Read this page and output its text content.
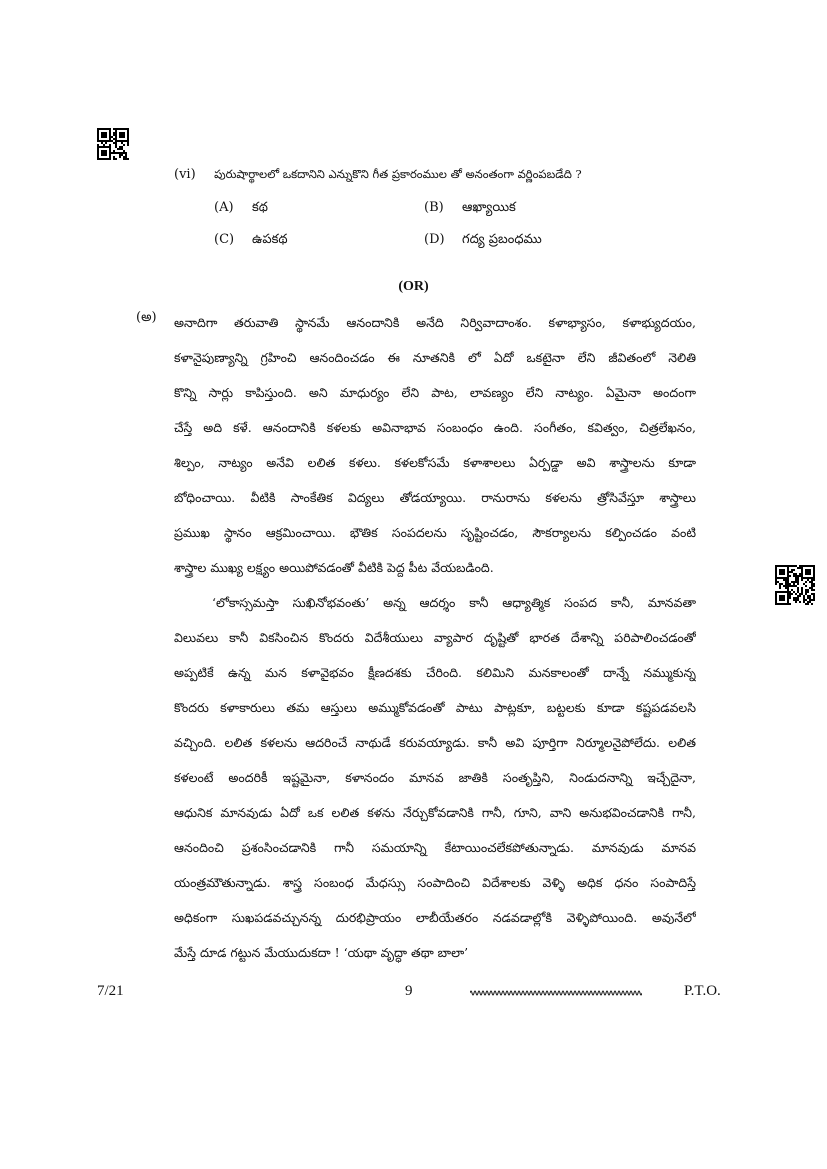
(vi) పురుషార్థాలలో ఒకదానిని ఎన్నుకొని గీత ప్రకారంముల తో అనంతంగా వర్ణింపబడేది ?
(A) కథ	(B) ఆఖ్యాయిక
(C) ఉపకథ	(D) గద్య ప్రబంధము
(OR)
(అ) అనాదిగా తరువాతి స్థానమే ఆనందానికి అనేది నిర్వివాదాంశం. కళాభ్యాసం, కళాభ్యుదయం,
కళానైపుణ్యాన్ని గ్రహించి ఆనందించడం ఈ నూతనికి లో ఏదో ఒకటైనా లేని జీవితంలో నెలితి
కొన్ని సార్లు కాపిస్తుంది. అని మాధుర్యం లేని పాట, లావణ్యం లేని నాట్యం. ఏమైనా అందంగా
చేస్తే అది కళే. ఆనందానికి కళలకు అవినాభావ సంబంధం ఉంది. సంగీతం, కవిత్వం, చిత్రలేఖనం,
శిల్పం, నాట్యం అనేవి లలిత కళలు. కళలకోసమే కళాశాలలు ఏర్పడ్డా అవి శాస్త్రాలను కూడా
బోధించాయి. వీటికి సాంకేతిక విద్యలు తోడయ్యాయి. రానురాను కళలను త్రోసివేస్తూ శాస్త్రాలు
ప్రముఖ స్థానం ఆక్రమించాయి. భౌతిక సంపదలను సృష్టించడం, సౌకర్యాలను కల్పించడం వంటి
శాస్త్రాల ముఖ్య లక్ష్యం అయిపోవడంతో వీటికి పెద్ద పీట వేయబడింది.
‘లోకాస్సమస్తా సుఖినోభవంతు’ అన్న ఆదర్శం కానీ ఆధ్యాత్మిక సంపద కానీ, మానవతా
విలువలు కానీ వికసించిన కొందరు విదేశీయులు వ్యాపార దృష్టితో భారత దేశాన్ని పరిపాలించడంతో
అప్పటికే ఉన్న మన కళావైభవం క్షీణదశకు చేరింది. కలిమిని మనకాలంతో దాన్నే నమ్ముకున్న
కొందరు కళాకారులు తమ ఆస్తులు అమ్ముకోవడంతో పాటు పాట్లకూ, బట్టలకు కూడా కష్టపడవలసి
వచ్చింది. లలిత కళలను ఆదరించే నాథుడే కరువయ్యాడు. కానీ అవి పూర్తిగా నిర్మూలనైపోలేదు. లలిత
కళలంటే అందరికీ ఇష్టమైనా, కళానందం మానవ జాతికి సంతృప్తిని, నిండుదనాన్ని ఇచ్చేదైనా,
ఆధునిక మానవుడు ఏదో ఒక లలిత కళను నేర్చుకోవడానికి గానీ, గూని, వాని అనుభవించడానికి గానీ,
ఆనందించి ప్రశంసించడానికి గానీ సమయాన్ని కేటాయించలేకపోతున్నాడు. మానవుడు మానవ
యంత్రమౌతున్నాడు. శాస్త్ర సంబంధ మేధస్సు సంపాదించి విదేశాలకు వెళ్ళి అధిక ధనం సంపాదిస్తే
అధికంగా సుఖపడవచ్చునన్న దురభిప్రాయం లాబీయేతరం నడవడాల్లోకి వెళ్ళిపోయింది. అవునేలో
మేస్తే దూడ గట్టున మేయుదుకదా ! ‘యథా వృద్ధా తథా బాలా’
7/21	9	P.T.O.
